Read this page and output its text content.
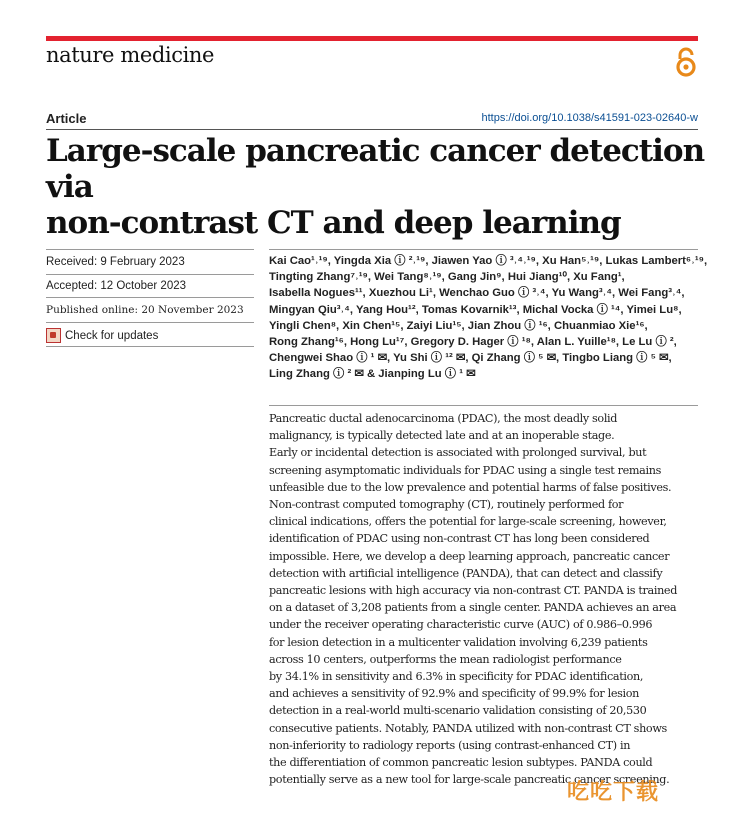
nature medicine
Article	https://doi.org/10.1038/s41591-023-02640-w
Large-scale pancreatic cancer detection via
non-contrast CT and deep learning
Received: 9 February 2023
Accepted: 12 October 2023
Published online: 20 November 2023
Check for updates
Kai Cao¹˒¹⁹, Yingda Xia ⓘ ²˒¹⁹, Jiawen Yao ⓘ ³˒⁴˒¹⁹, Xu Han⁵˒¹⁹, Lukas Lambert⁶˒¹⁹,
Tingting Zhang⁷˒¹⁹, Wei Tang⁸˒¹⁹, Gang Jin⁹, Hui Jiang¹⁰, Xu Fang¹,
Isabella Nogues¹¹, Xuezhou Li¹, Wenchao Guo ⓘ ³˒⁴, Yu Wang³˒⁴, Wei Fang³˒⁴,
Mingyan Qiu³˒⁴, Yang Hou¹², Tomas Kovarnik¹³, Michal Vocka ⓘ ¹⁴, Yimei Lu⁸,
Yingli Chen⁸, Xin Chen¹⁵, Zaiyi Liu¹⁵, Jian Zhou ⓘ ¹⁶, Chuanmiao Xie¹⁶,
Rong Zhang¹⁶, Hong Lu¹⁷, Gregory D. Hager ⓘ ¹⁸, Alan L. Yuille¹⁸, Le Lu ⓘ ²,
Chengwei Shao ⓘ ¹ ✉, Yu Shi ⓘ ¹² ✉, Qi Zhang ⓘ ⁵ ✉, Tingbo Liang ⓘ ⁵ ✉,
Ling Zhang ⓘ ² ✉ & Jianping Lu ⓘ ¹ ✉
Pancreatic ductal adenocarcinoma (PDAC), the most deadly solid
malignancy, is typically detected late and at an inoperable stage.
Early or incidental detection is associated with prolonged survival, but
screening asymptomatic individuals for PDAC using a single test remains
unfeasible due to the low prevalence and potential harms of false positives.
Non-contrast computed tomography (CT), routinely performed for
clinical indications, offers the potential for large-scale screening, however,
identification of PDAC using non-contrast CT has long been considered
impossible. Here, we develop a deep learning approach, pancreatic cancer
detection with artificial intelligence (PANDA), that can detect and classify
pancreatic lesions with high accuracy via non-contrast CT. PANDA is trained
on a dataset of 3,208 patients from a single center. PANDA achieves an area
under the receiver operating characteristic curve (AUC) of 0.986–0.996
for lesion detection in a multicenter validation involving 6,239 patients
across 10 centers, outperforms the mean radiologist performance
by 34.1% in sensitivity and 6.3% in specificity for PDAC identification,
and achieves a sensitivity of 92.9% and specificity of 99.9% for lesion
detection in a real-world multi-scenario validation consisting of 20,530
consecutive patients. Notably, PANDA utilized with non-contrast CT shows
non-inferiority to radiology reports (using contrast-enhanced CT) in
the differentiation of common pancreatic lesion subtypes. PANDA could
potentially serve as a new tool for large-scale pancreatic cancer screening.
吃吃下载
